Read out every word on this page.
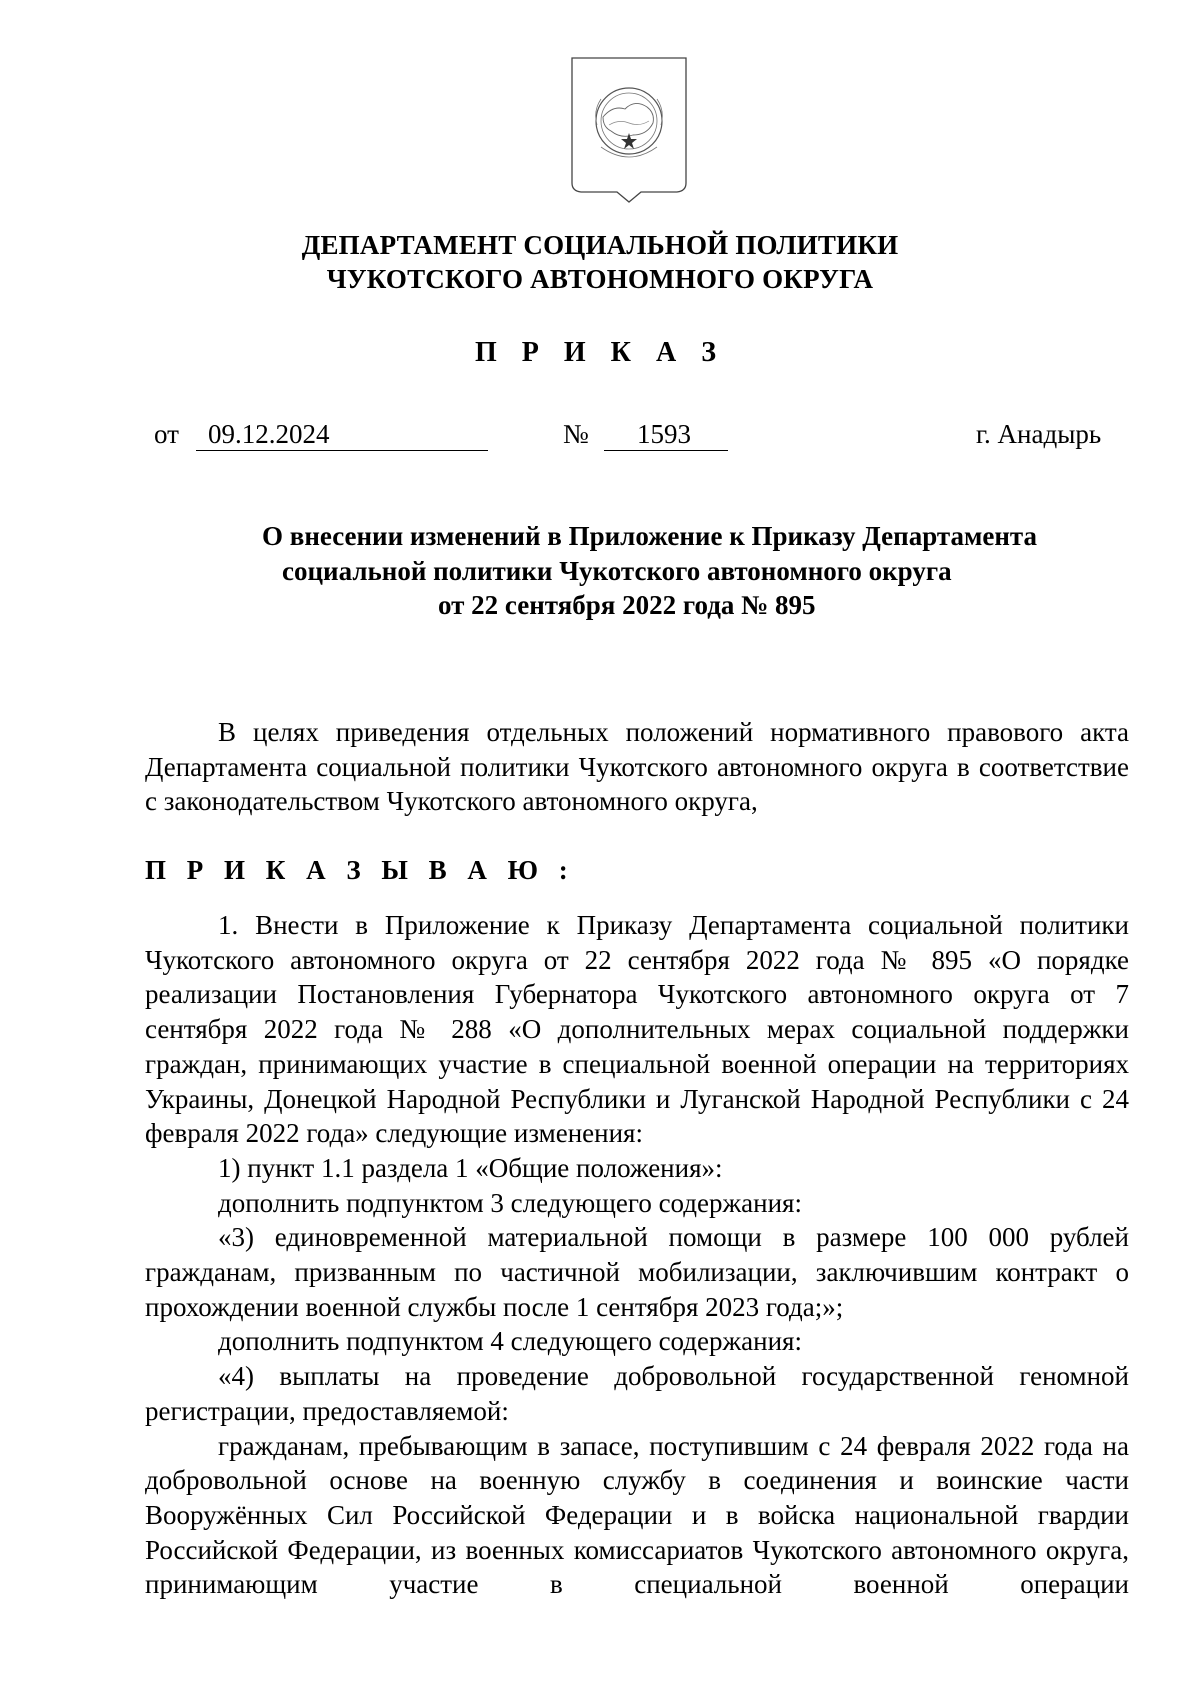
ДЕПАРТАМЕНТ СОЦИАЛЬНОЙ ПОЛИТИКИ
ЧУКОТСКОГО АВТОНОМНОГО ОКРУГА
П Р И К А З
от 09.12.2024	№ 1593	г. Анадырь
О внесении изменений в Приложение к Приказу Департамента
социальной политики Чукотского автономного округа
от 22 сентября 2022 года № 895

В целях приведения отдельных положений нормативного правового акта Департамента социальной политики Чукотского автономного округа в соответствие с законодательством Чукотского автономного округа,

П Р И К А З Ы В А Ю :

1. Внести в Приложение к Приказу Департамента социальной политики Чукотского автономного округа от 22 сентября 2022 года № 895 «О порядке реализации Постановления Губернатора Чукотского автономного округа от 7 сентября 2022 года № 288 «О дополнительных мерах социальной поддержки граждан, принимающих участие в специальной военной операции на территориях Украины, Донецкой Народной Республики и Луганской Народной Республики с 24 февраля 2022 года» следующие изменения:

1) пункт 1.1 раздела 1 «Общие положения»:

дополнить подпунктом 3 следующего содержания:

«3) единовременной материальной помощи в размере 100 000 рублей гражданам, призванным по частичной мобилизации, заключившим контракт о прохождении военной службы после 1 сентября 2023 года;»;

дополнить подпунктом 4 следующего содержания:

«4) выплаты на проведение добровольной государственной геномной регистрации, предоставляемой:

гражданам, пребывающим в запасе, поступившим с 24 февраля 2022 года на добровольной основе на военную службу в соединения и воинские части Вооружённых Сил Российской Федерации и в войска национальной гвардии Российской Федерации, из военных комиссариатов Чукотского автономного округа, принимающим участие в специальной военной операции
